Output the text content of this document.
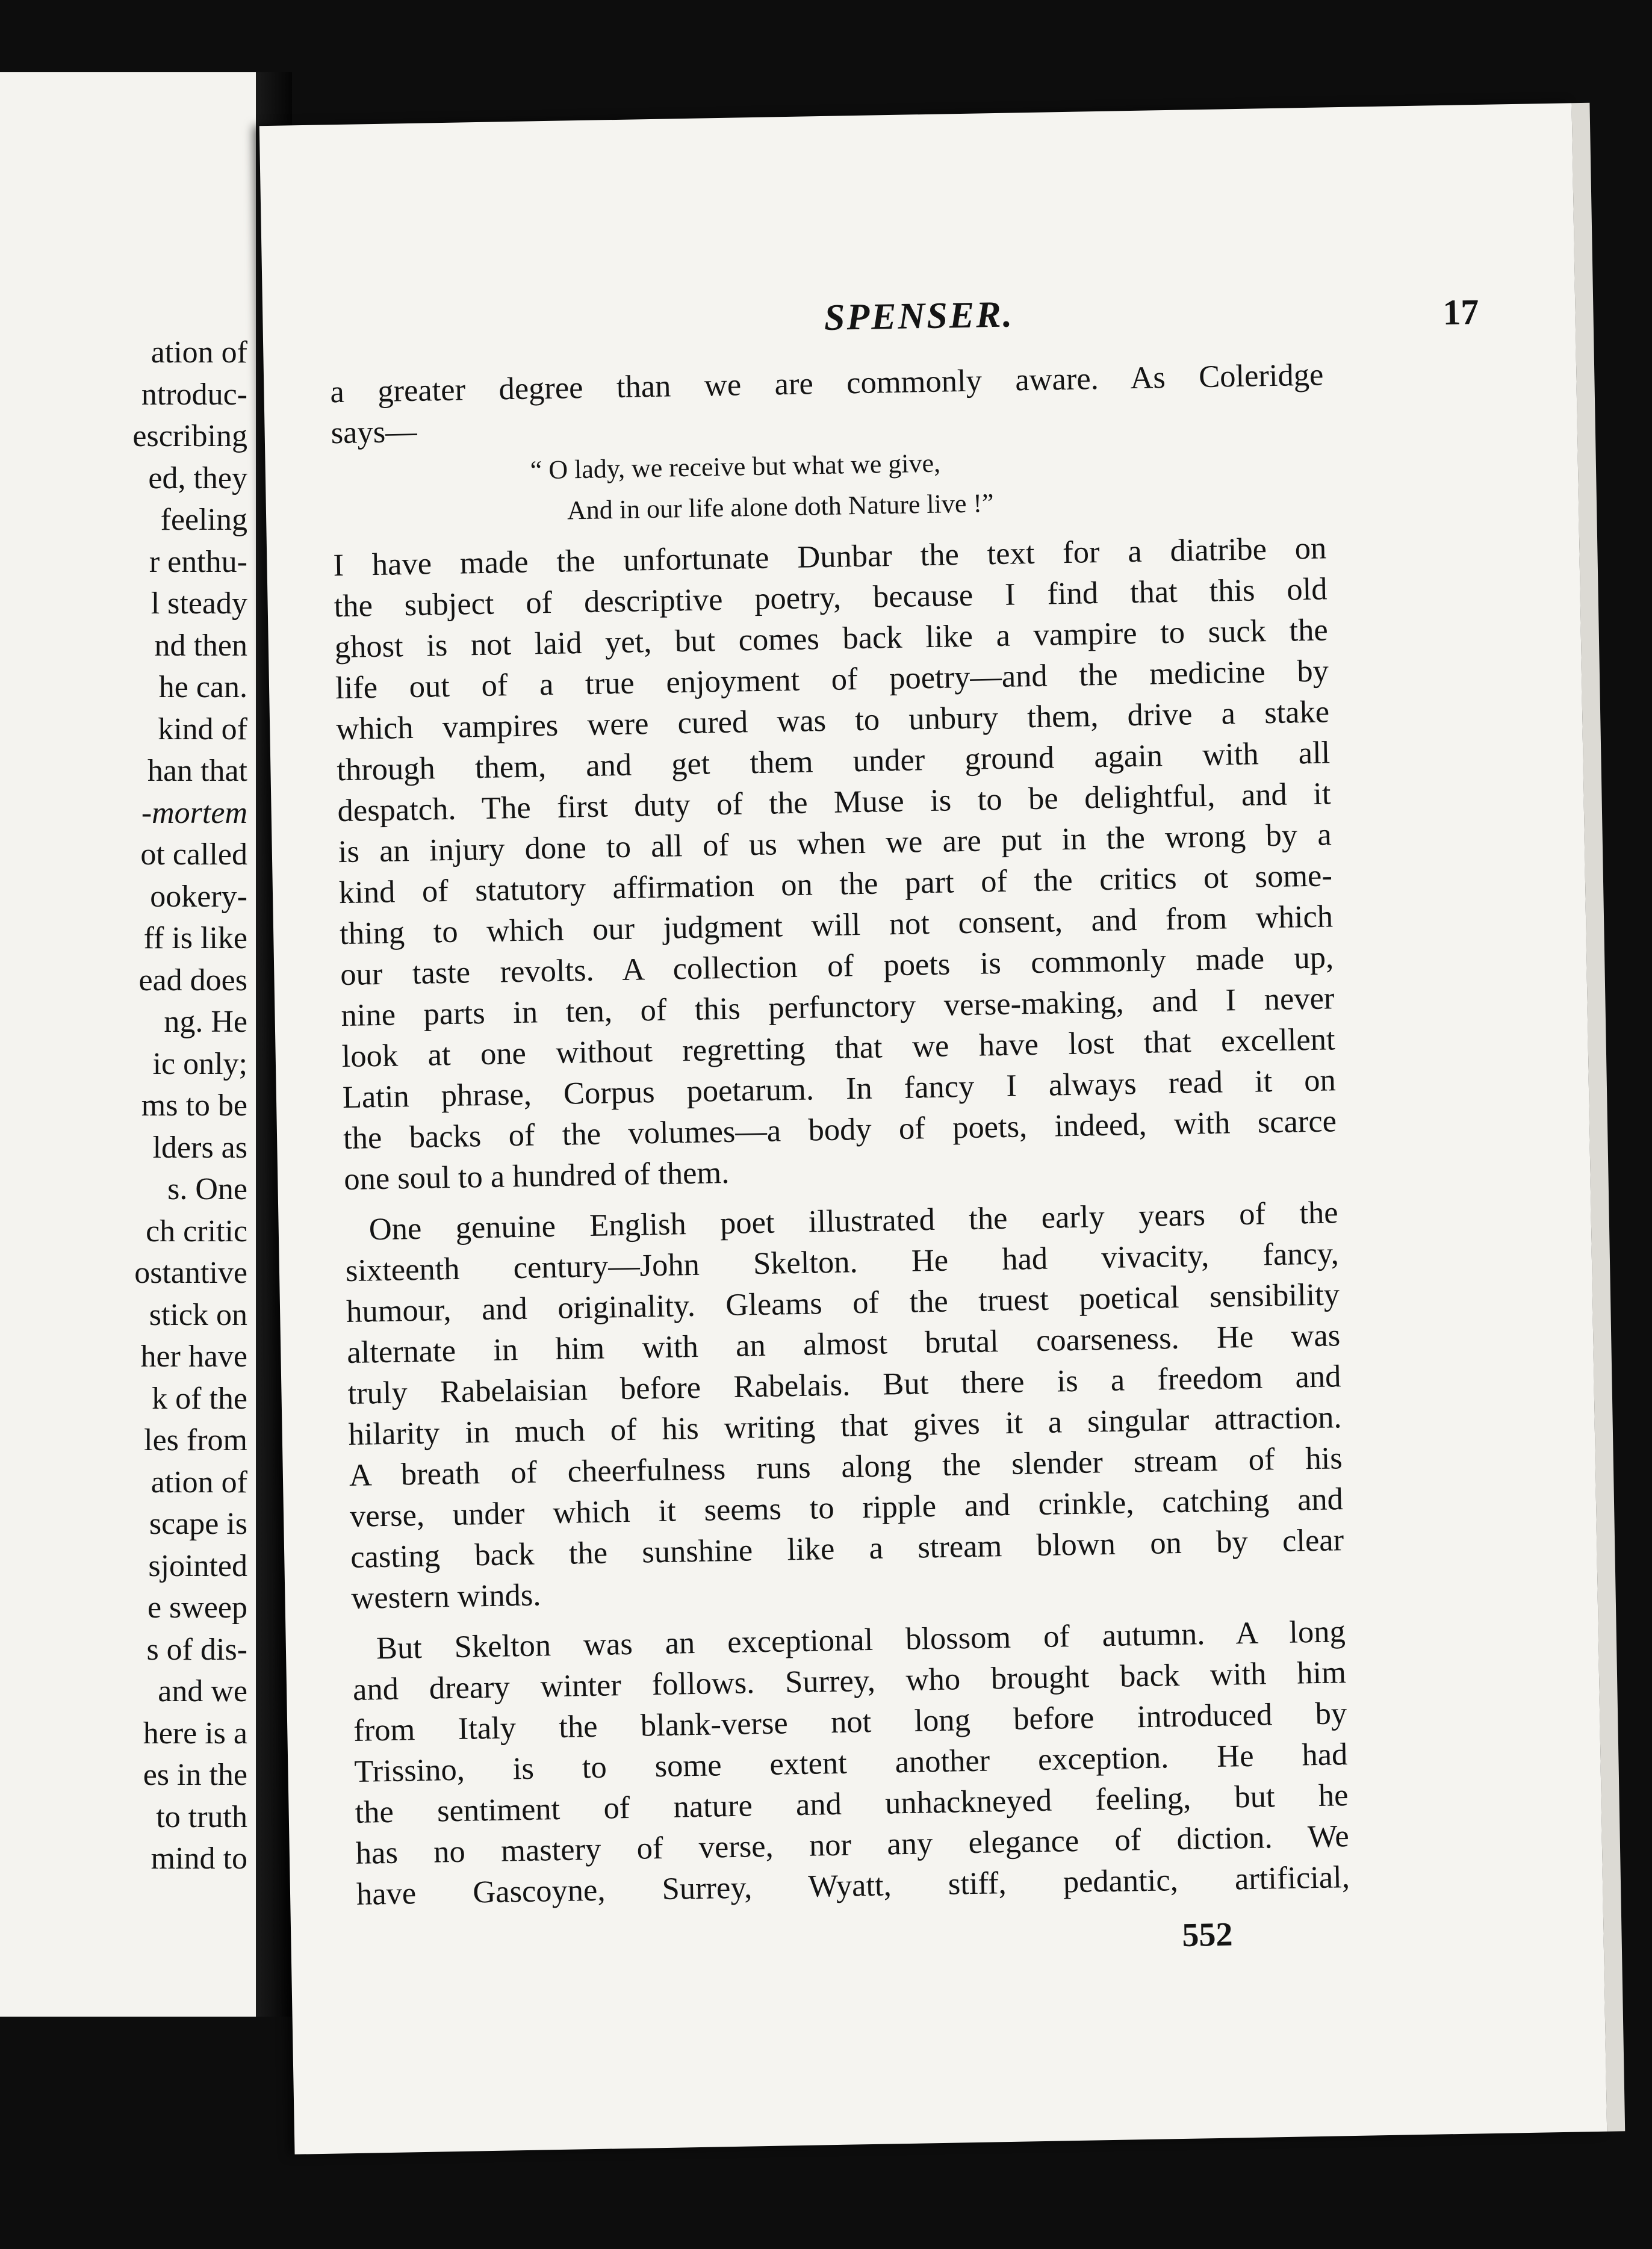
ation of
ntroduc-
escribing
ed, they
feeling
r enthu-
l steady
nd then
he can.
kind of
han that
-mortem
ot called
ookery-
ff is like
ead does
ng. He
ic only;
ms to be
lders as
s. One
ch critic
ostantive
stick on
her have
k of the
les from
ation of
scape is
sjointed
e sweep
s of dis-
and we
here is a
es in the
to truth
mind to
SPENSER.	17
a greater degree than we are commonly aware. As Coleridge
says—
“ O lady, we receive but what we give,
And in our life alone doth Nature live !”
I have made the unfortunate Dunbar the text for a diatribe on
the subject of descriptive poetry, because I find that this old
ghost is not laid yet, but comes back like a vampire to suck the
life out of a true enjoyment of poetry—and the medicine by
which vampires were cured was to unbury them, drive a stake
through them, and get them under ground again with all
despatch. The first duty of the Muse is to be delightful, and it
is an injury done to all of us when we are put in the wrong by a
kind of statutory affirmation on the part of the critics ot some-
thing to which our judgment will not consent, and from which
our taste revolts. A collection of poets is commonly made up,
nine parts in ten, of this perfunctory verse-making, and I never
look at one without regretting that we have lost that excellent
Latin phrase, Corpus poetarum. In fancy I always read it on
the backs of the volumes—a body of poets, indeed, with scarce
one soul to a hundred of them.
One genuine English poet illustrated the early years of the
sixteenth century—John Skelton. He had vivacity, fancy,
humour, and originality. Gleams of the truest poetical sensibility
alternate in him with an almost brutal coarseness. He was
truly Rabelaisian before Rabelais. But there is a freedom and
hilarity in much of his writing that gives it a singular attraction.
A breath of cheerfulness runs along the slender stream of his
verse, under which it seems to ripple and crinkle, catching and
casting back the sunshine like a stream blown on by clear
western winds.
But Skelton was an exceptional blossom of autumn. A long
and dreary winter follows. Surrey, who brought back with him
from Italy the blank-verse not long before introduced by
Trissino, is to some extent another exception. He had
the sentiment of nature and unhackneyed feeling, but he
has no mastery of verse, nor any elegance of diction. We
have Gascoyne, Surrey, Wyatt, stiff, pedantic, artificial,
552
